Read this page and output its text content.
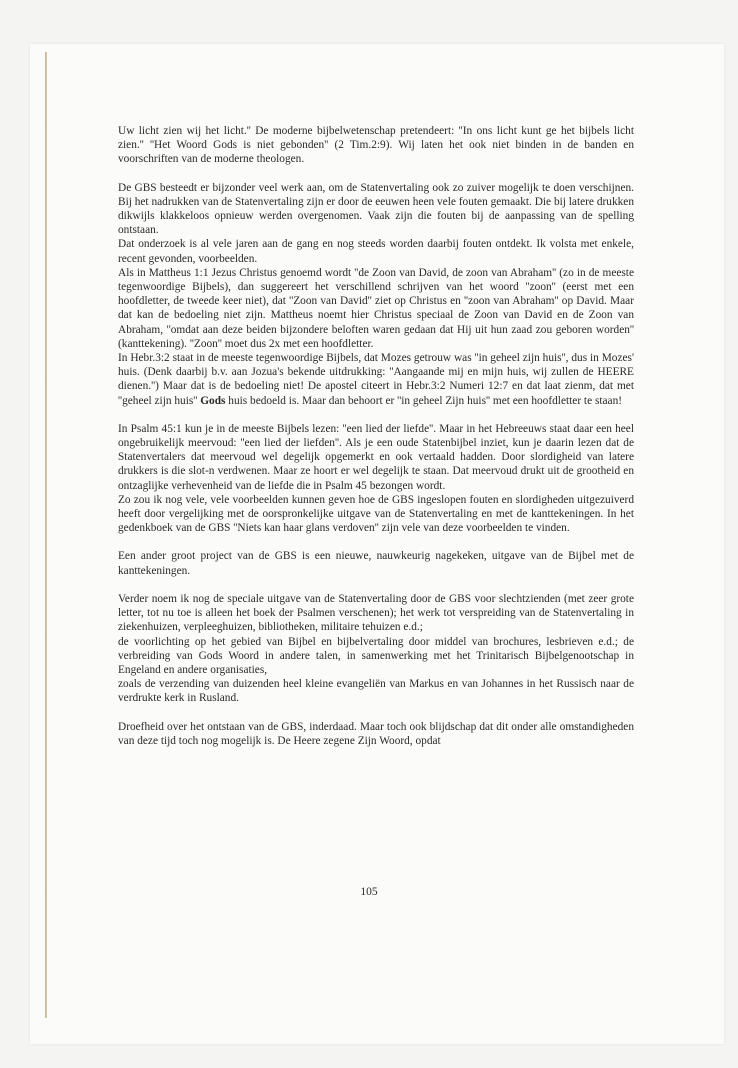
Uw licht zien wij het licht.'' De moderne bijbelwetenschap pretendeert: ''In ons licht kunt ge het bijbels licht zien.'' ''Het Woord Gods is niet gebonden'' (2 Tim.2:9). Wij laten het ook niet binden in de banden en voorschriften van de moderne theologen.

De GBS besteedt er bijzonder veel werk aan, om de Statenvertaling ook zo zuiver mogelijk te doen verschijnen. Bij het nadrukken van de Statenvertaling zijn er door de eeuwen heen vele fouten gemaakt. Die bij latere drukken dikwijls klakkeloos opnieuw werden overgenomen. Vaak zijn die fouten bij de aanpassing van de spelling ontstaan.

Dat onderzoek is al vele jaren aan de gang en nog steeds worden daarbij fouten ontdekt. Ik volsta met enkele, recent gevonden, voorbeelden.

Als in Mattheus 1:1 Jezus Christus genoemd wordt ''de Zoon van David, de zoon van Abraham'' (zo in de meeste tegenwoordige Bijbels), dan suggereert het verschillend schrijven van het woord ''zoon'' (eerst met een hoofdletter, de tweede keer niet), dat ''Zoon van David'' ziet op Christus en ''zoon van Abraham'' op David. Maar dat kan de bedoeling niet zijn. Mattheus noemt hier Christus speciaal de Zoon van David en de Zoon van Abraham, ''omdat aan deze beiden bijzondere beloften waren gedaan dat Hij uit hun zaad zou geboren worden'' (kanttekening). ''Zoon'' moet dus 2x met een hoofdletter.

In Hebr.3:2 staat in de meeste tegenwoordige Bijbels, dat Mozes getrouw was ''in geheel zijn huis'', dus in Mozes' huis. (Denk daarbij b.v. aan Jozua's bekende uitdrukking: ''Aangaande mij en mijn huis, wij zullen de HEERE dienen.'') Maar dat is de bedoeling niet! De apostel citeert in Hebr.3:2 Numeri 12:7 en dat laat zienm, dat met ''geheel zijn huis'' Gods huis bedoeld is. Maar dan behoort er ''in geheel Zijn huis'' met een hoofdletter te staan!

In Psalm 45:1 kun je in de meeste Bijbels lezen: ''een lied der liefde''. Maar in het Hebreeuws staat daar een heel ongebruikelijk meervoud: ''een lied der liefden''. Als je een oude Statenbijbel inziet, kun je daarin lezen dat de Statenvertalers dat meervoud wel degelijk opgemerkt en ook vertaald hadden. Door slordigheid van latere drukkers is die slot-n verdwenen. Maar ze hoort er wel degelijk te staan. Dat meervoud drukt uit de grootheid en ontzaglijke verhevenheid van de liefde die in Psalm 45 bezongen wordt.

Zo zou ik nog vele, vele voorbeelden kunnen geven hoe de GBS ingeslopen fouten en slordigheden uitgezuiverd heeft door vergelijking met de oorspronkelijke uitgave van de Statenvertaling en met de kanttekeningen. In het gedenkboek van de GBS ''Niets kan haar glans verdoven'' zijn vele van deze voorbeelden te vinden.

Een ander groot project van de GBS is een nieuwe, nauwkeurig nagekeken, uitgave van de Bijbel met de kanttekeningen.

Verder noem ik nog de speciale uitgave van de Statenvertaling door de GBS voor slechtzienden (met zeer grote letter, tot nu toe is alleen het boek der Psalmen verschenen); het werk tot verspreiding van de Statenvertaling in ziekenhuizen, verpleeghuizen, bibliotheken, militaire tehuizen e.d.;

de voorlichting op het gebied van Bijbel en bijbelvertaling door middel van brochures, lesbrieven e.d.; de verbreiding van Gods Woord in andere talen, in samenwerking met het Trinitarisch Bijbelgenootschap in Engeland en andere organisaties,

zoals de verzending van duizenden heel kleine evangeliën van Markus en van Johannes in het Russisch naar de verdrukte kerk in Rusland.

Droefheid over het ontstaan van de GBS, inderdaad. Maar toch ook blijdschap dat dit onder alle omstandigheden van deze tijd toch nog mogelijk is. De Heere zegene Zijn Woord, opdat

105
